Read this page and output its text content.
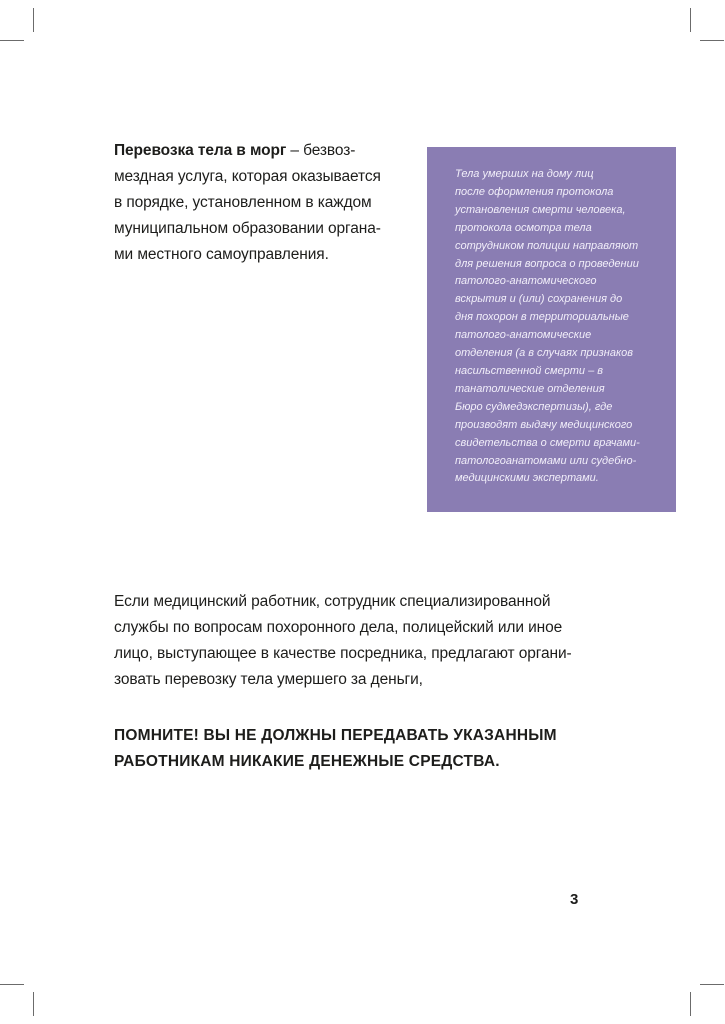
Перевозка тела в морг – безвоз-
мездная услуга, которая оказывается
в порядке, установленном в каждом
муниципальном образовании органа-
ми местного самоуправления.
Тела умерших на дому лиц
после оформления протокола
установления смерти человека,
протокола осмотра тела
сотрудником полиции направляют
для решения вопроса о проведении
патолого-анатомического
вскрытия и (или) сохранения до
дня похорон в территориальные
патолого-анатомические
отделения (а в случаях признаков
насильственной смерти – в
танатолические отделения
Бюро судмедэкспертизы), где
производят выдачу медицинского
свидетельства о смерти врачами-
патологоанатомами или судебно-
медицинскими экспертами.
Если медицинский работник, сотрудник специализированной
службы по вопросам похоронного дела, полицейский или иное
лицо, выступающее в качестве посредника, предлагают органи-
зовать перевозку тела умершего за деньги,
ПОМНИТЕ! ВЫ НЕ ДОЛЖНЫ ПЕРЕДАВАТЬ УКАЗАННЫМ
РАБОТНИКАМ НИКАКИЕ ДЕНЕЖНЫЕ СРЕДСТВА.
3
